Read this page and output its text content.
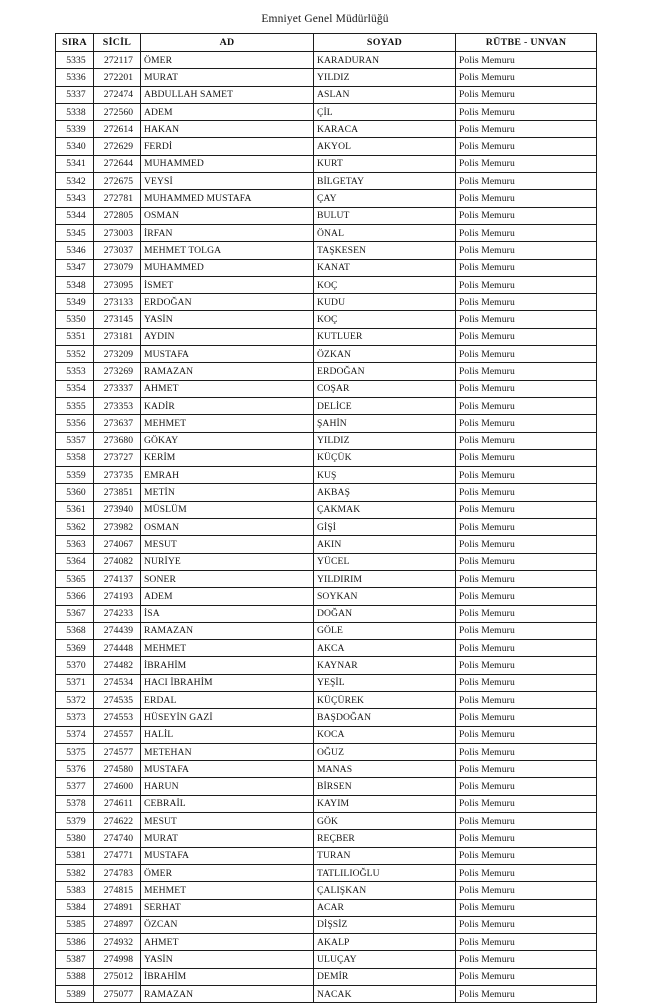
Emniyet Genel Müdürlüğü
SIRA	SİCİL	AD	SOYAD	RÜTBE - UNVAN
5335	272117	ÖMER	KARADURAN	Polis Memuru
5336	272201	MURAT	YILDIZ	Polis Memuru
5337	272474	ABDULLAH SAMET	ASLAN	Polis Memuru
5338	272560	ADEM	ÇİL	Polis Memuru
5339	272614	HAKAN	KARACA	Polis Memuru
5340	272629	FERDİ	AKYOL	Polis Memuru
5341	272644	MUHAMMED	KURT	Polis Memuru
5342	272675	VEYSİ	BİLGETAY	Polis Memuru
5343	272781	MUHAMMED MUSTAFA	ÇAY	Polis Memuru
5344	272805	OSMAN	BULUT	Polis Memuru
5345	273003	İRFAN	ÖNAL	Polis Memuru
5346	273037	MEHMET TOLGA	TAŞKESEN	Polis Memuru
5347	273079	MUHAMMED	KANAT	Polis Memuru
5348	273095	İSMET	KOÇ	Polis Memuru
5349	273133	ERDOĞAN	KUDU	Polis Memuru
5350	273145	YASİN	KOÇ	Polis Memuru
5351	273181	AYDIN	KUTLUER	Polis Memuru
5352	273209	MUSTAFA	ÖZKAN	Polis Memuru
5353	273269	RAMAZAN	ERDOĞAN	Polis Memuru
5354	273337	AHMET	COŞAR	Polis Memuru
5355	273353	KADİR	DELİCE	Polis Memuru
5356	273637	MEHMET	ŞAHİN	Polis Memuru
5357	273680	GÖKAY	YILDIZ	Polis Memuru
5358	273727	KERİM	KÜÇÜK	Polis Memuru
5359	273735	EMRAH	KUŞ	Polis Memuru
5360	273851	METİN	AKBAŞ	Polis Memuru
5361	273940	MÜSLÜM	ÇAKMAK	Polis Memuru
5362	273982	OSMAN	GİŞİ	Polis Memuru
5363	274067	MESUT	AKIN	Polis Memuru
5364	274082	NURİYE	YÜCEL	Polis Memuru
5365	274137	SONER	YILDIRIM	Polis Memuru
5366	274193	ADEM	SOYKAN	Polis Memuru
5367	274233	İSA	DOĞAN	Polis Memuru
5368	274439	RAMAZAN	GÖLE	Polis Memuru
5369	274448	MEHMET	AKCA	Polis Memuru
5370	274482	İBRAHİM	KAYNAR	Polis Memuru
5371	274534	HACI İBRAHİM	YEŞİL	Polis Memuru
5372	274535	ERDAL	KÜÇÜREK	Polis Memuru
5373	274553	HÜSEYİN GAZİ	BAŞDOĞAN	Polis Memuru
5374	274557	HALİL	KOCA	Polis Memuru
5375	274577	METEHAN	OĞUZ	Polis Memuru
5376	274580	MUSTAFA	MANAS	Polis Memuru
5377	274600	HARUN	BİRSEN	Polis Memuru
5378	274611	CEBRAİL	KAYIM	Polis Memuru
5379	274622	MESUT	GÖK	Polis Memuru
5380	274740	MURAT	REÇBER	Polis Memuru
5381	274771	MUSTAFA	TURAN	Polis Memuru
5382	274783	ÖMER	TATLILIOĞLU	Polis Memuru
5383	274815	MEHMET	ÇALIŞKAN	Polis Memuru
5384	274891	SERHAT	ACAR	Polis Memuru
5385	274897	ÖZCAN	DİŞSİZ	Polis Memuru
5386	274932	AHMET	AKALP	Polis Memuru
5387	274998	YASİN	ULUÇAY	Polis Memuru
5388	275012	İBRAHİM	DEMİR	Polis Memuru
5389	275077	RAMAZAN	NACAK	Polis Memuru
